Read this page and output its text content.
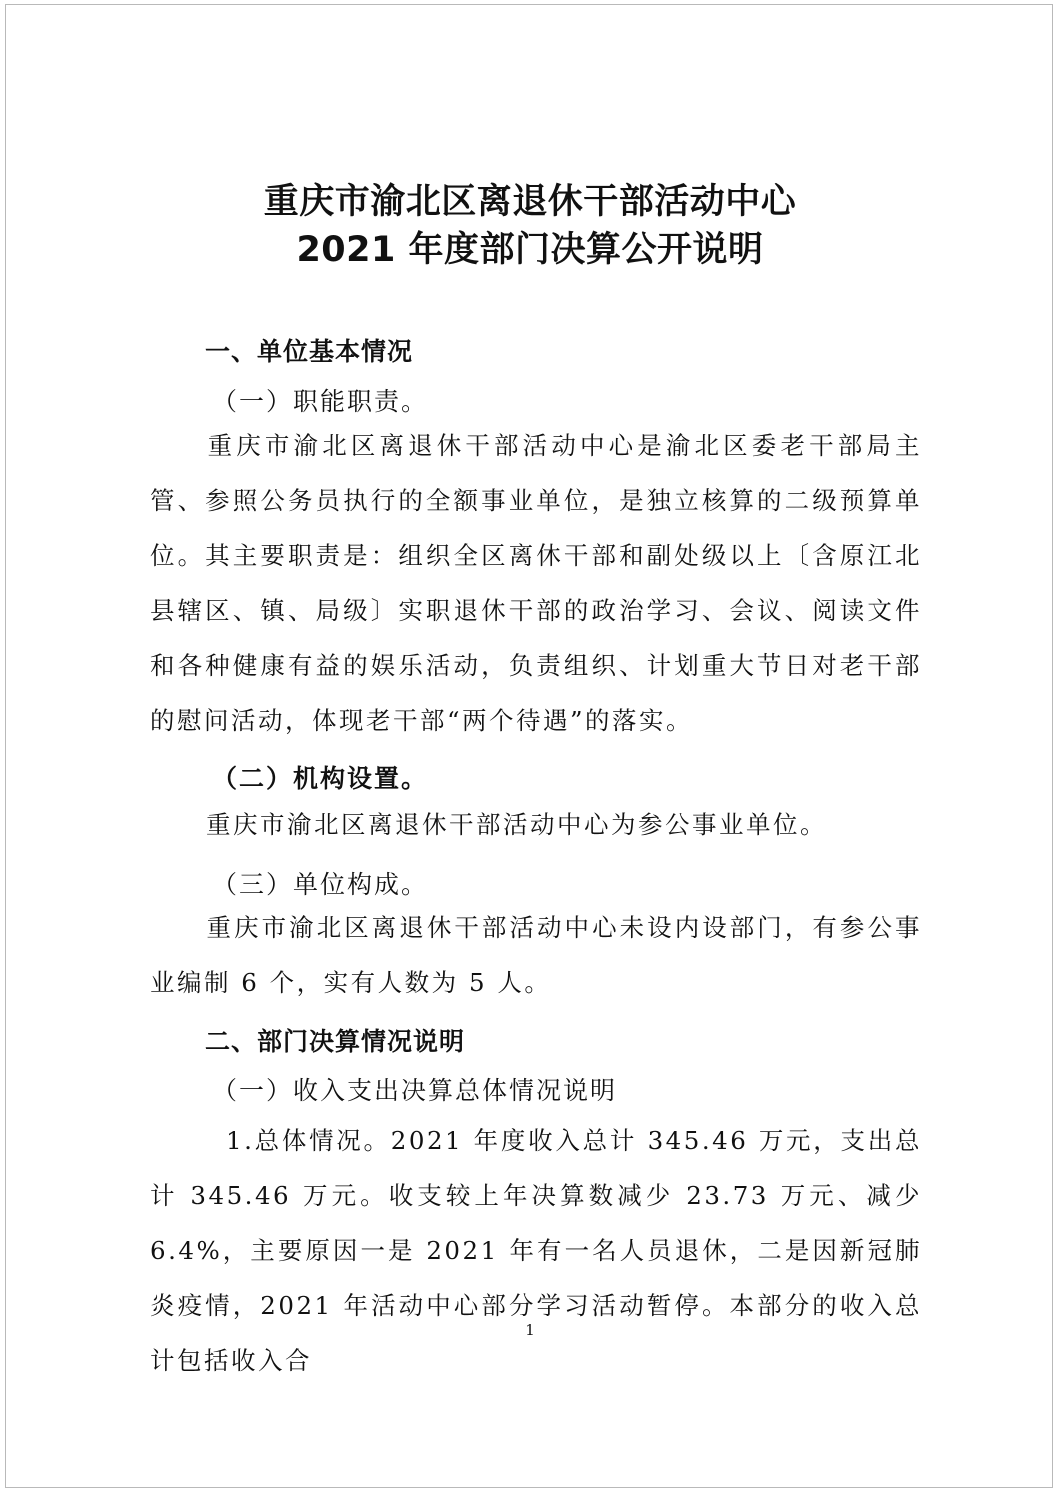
重庆市渝北区离退休干部活动中心
2021 年度部门决算公开说明
一、单位基本情况
（一）职能职责。

重庆市渝北区离退休干部活动中心是渝北区委老干部局主管、参照公务员执行的全额事业单位，是独立核算的二级预算单位。其主要职责是：组织全区离休干部和副处级以上〔含原江北县辖区、镇、局级〕实职退休干部的政治学习、会议、阅读文件和各种健康有益的娱乐活动，负责组织、计划重大节日对老干部的慰问活动，体现老干部“两个待遇”的落实。

（二）机构设置。

重庆市渝北区离退休干部活动中心为参公事业单位。

（三）单位构成。

重庆市渝北区离退休干部活动中心未设内设部门，有参公事业编制 6 个，实有人数为 5 人。

二、部门决算情况说明
（一）收入支出决算总体情况说明

1.总体情况。2021 年度收入总计 345.46 万元，支出总计 345.46 万元。收支较上年决算数减少 23.73 万元、减少 6.4%，主要原因一是 2021 年有一名人员退休，二是因新冠肺炎疫情，2021 年活动中心部分学习活动暂停。本部分的收入总计包括收入合

1
